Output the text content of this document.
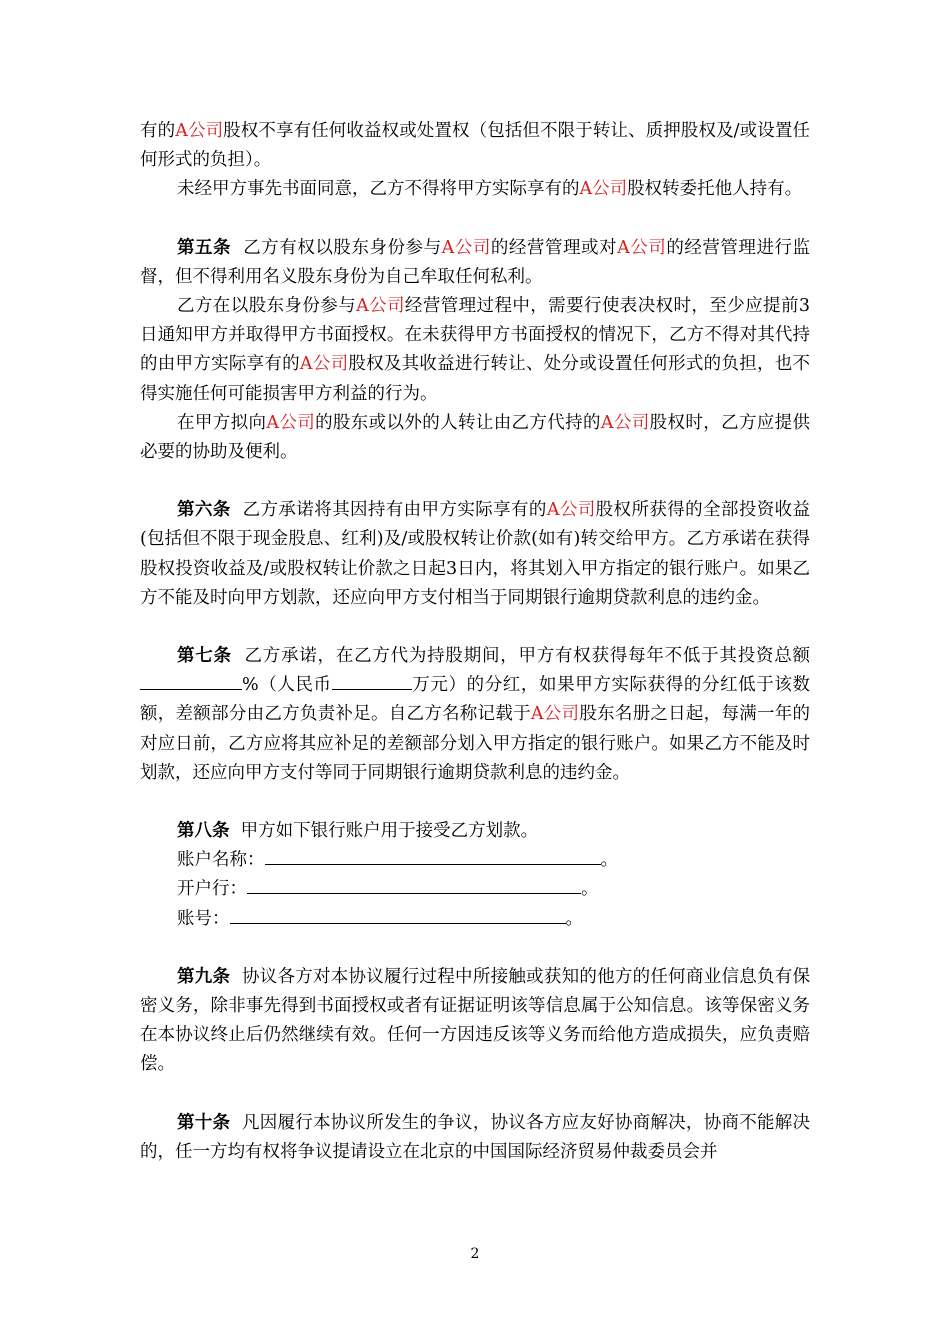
有的A公司股权不享有任何收益权或处置权（包括但不限于转让、质押股权及/或设置任何形式的负担）。

未经甲方事先书面同意，乙方不得将甲方实际享有的A公司股权转委托他人持有。

第五条 乙方有权以股东身份参与A公司的经营管理或对A公司的经营管理进行监督，但不得利用名义股东身份为自己牟取任何私利。

乙方在以股东身份参与A公司经营管理过程中，需要行使表决权时，至少应提前3日通知甲方并取得甲方书面授权。在未获得甲方书面授权的情况下，乙方不得对其代持的由甲方实际享有的A公司股权及其收益进行转让、处分或设置任何形式的负担，也不得实施任何可能损害甲方利益的行为。

在甲方拟向A公司的股东或以外的人转让由乙方代持的A公司股权时，乙方应提供必要的协助及便利。

第六条 乙方承诺将其因持有由甲方实际享有的A公司股权所获得的全部投资收益(包括但不限于现金股息、红利)及/或股权转让价款(如有)转交给甲方。乙方承诺在获得股权投资收益及/或股权转让价款之日起3日内，将其划入甲方指定的银行账户。如果乙方不能及时向甲方划款，还应向甲方支付相当于同期银行逾期贷款利息的违约金。

第七条 乙方承诺，在乙方代为持股期间，甲方有权获得每年不低于其投资总额%（人民币	万元）的分红，如果甲方实际获得的分红低于该数额，差额部分由乙方负责补足。自乙方名称记载于A公司股东名册之日起，每满一年的对应日前，乙方应将其应补足的差额部分划入甲方指定的银行账户。如果乙方不能及时划款，还应向甲方支付等同于同期银行逾期贷款利息的违约金。

第八条 甲方如下银行账户用于接受乙方划款。

账户名称：	。

开户行：	。

账号：	。

第九条 协议各方对本协议履行过程中所接触或获知的他方的任何商业信息负有保密义务，除非事先得到书面授权或者有证据证明该等信息属于公知信息。该等保密义务在本协议终止后仍然继续有效。任何一方因违反该等义务而给他方造成损失，应负责赔偿。

第十条 凡因履行本协议所发生的争议，协议各方应友好协商解决，协商不能解决的，任一方均有权将争议提请设立在北京的中国国际经济贸易仲裁委员会并

2
